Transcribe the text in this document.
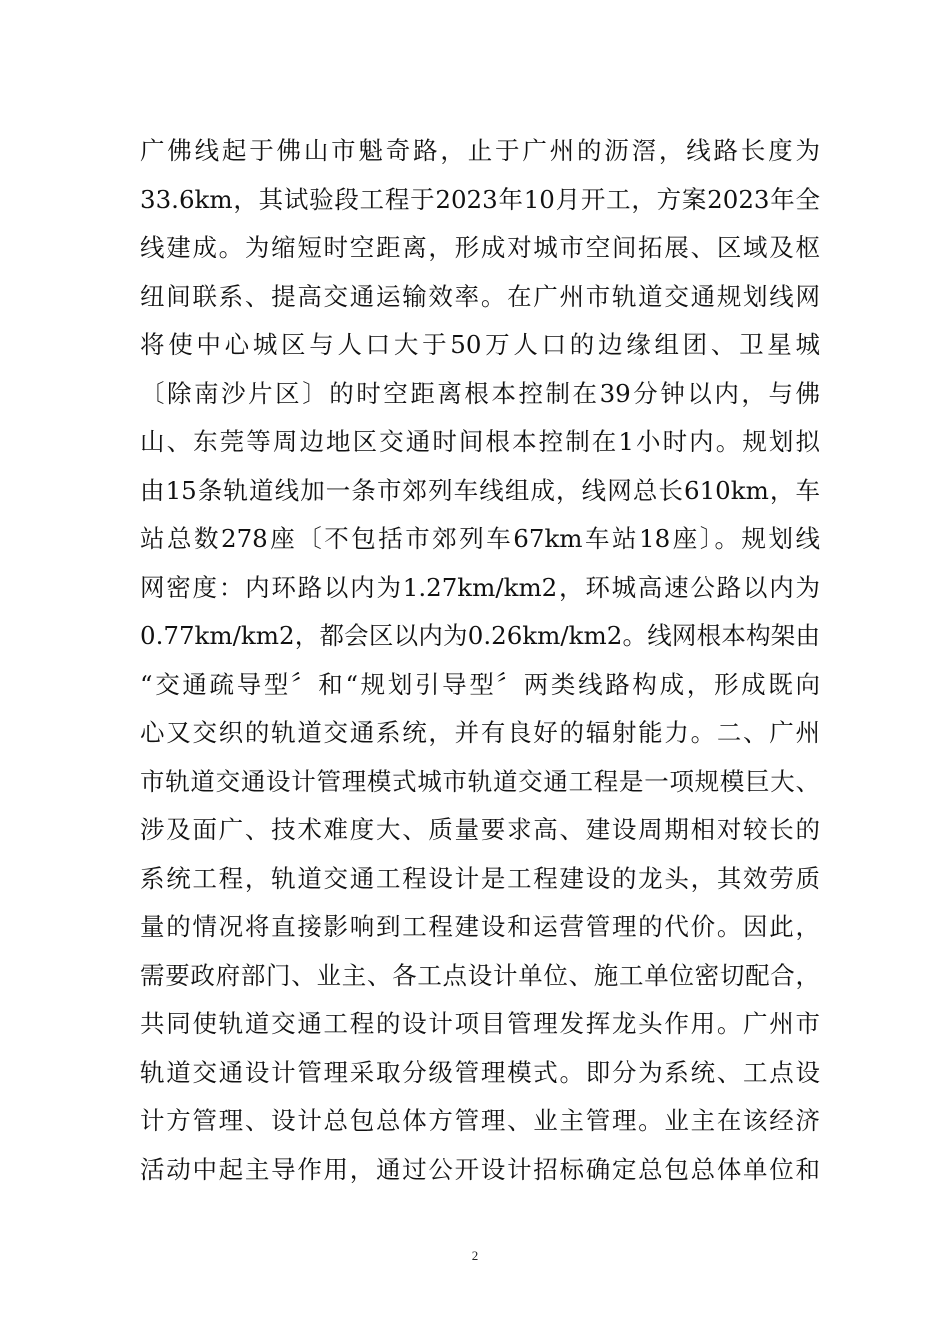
广佛线起于佛山市魁奇路，止于广州的沥滘，线路长度为
33.6km，其试验段工程于2023年10月开工，方案2023年全
线建成。为缩短时空距离，形成对城市空间拓展、区域及枢
纽间联系、提高交通运输效率。在广州市轨道交通规划线网
将使中心城区与人口大于50万人口的边缘组团、卫星城
〔除南沙片区〕的时空距离根本控制在39分钟以内，与佛
山、东莞等周边地区交通时间根本控制在1小时内。规划拟
由15条轨道线加一条市郊列车线组成，线网总长610km，车
站总数278座〔不包括市郊列车67km车站18座〕。规划线
网密度：内环路以内为1.27km/km2，环城高速公路以内为
0.77km/km2，都会区以内为0.26km/km2。线网根本构架由
“交通疏导型〞和“规划引导型〞两类线路构成，形成既向
心又交织的轨道交通系统，并有良好的辐射能力。二、广州
市轨道交通设计管理模式城市轨道交通工程是一项规模巨大、
涉及面广、技术难度大、质量要求高、建设周期相对较长的
系统工程，轨道交通工程设计是工程建设的龙头，其效劳质
量的情况将直接影响到工程建设和运营管理的代价。因此，
需要政府部门、业主、各工点设计单位、施工单位密切配合，
共同使轨道交通工程的设计项目管理发挥龙头作用。广州市
轨道交通设计管理采取分级管理模式。即分为系统、工点设
计方管理、设计总包总体方管理、业主管理。业主在该经济
活动中起主导作用，通过公开设计招标确定总包总体单位和
2
